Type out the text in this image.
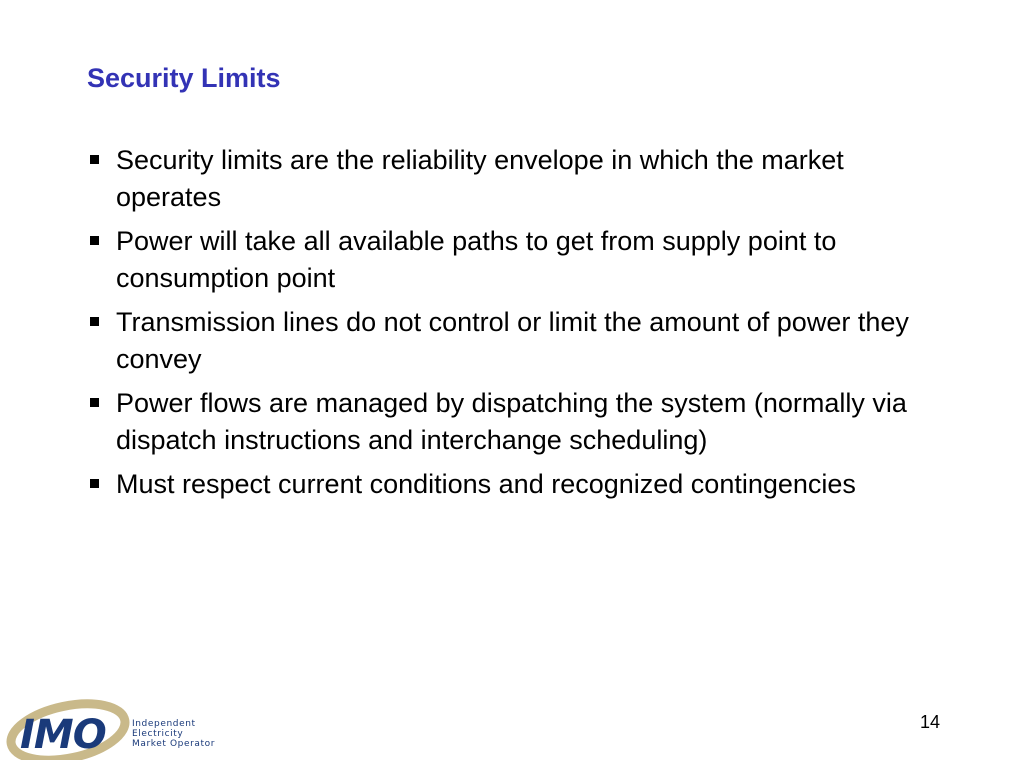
Security Limits
Security limits are the reliability envelope in which the market operates
Power will take all available paths to get from supply point to consumption point
Transmission lines do not control or limit the amount of power they convey
Power flows are managed by dispatching the system (normally via dispatch instructions and interchange scheduling)
Must respect current conditions and recognized contingencies
IMO	Independent
Electricity
Market Operator
14
